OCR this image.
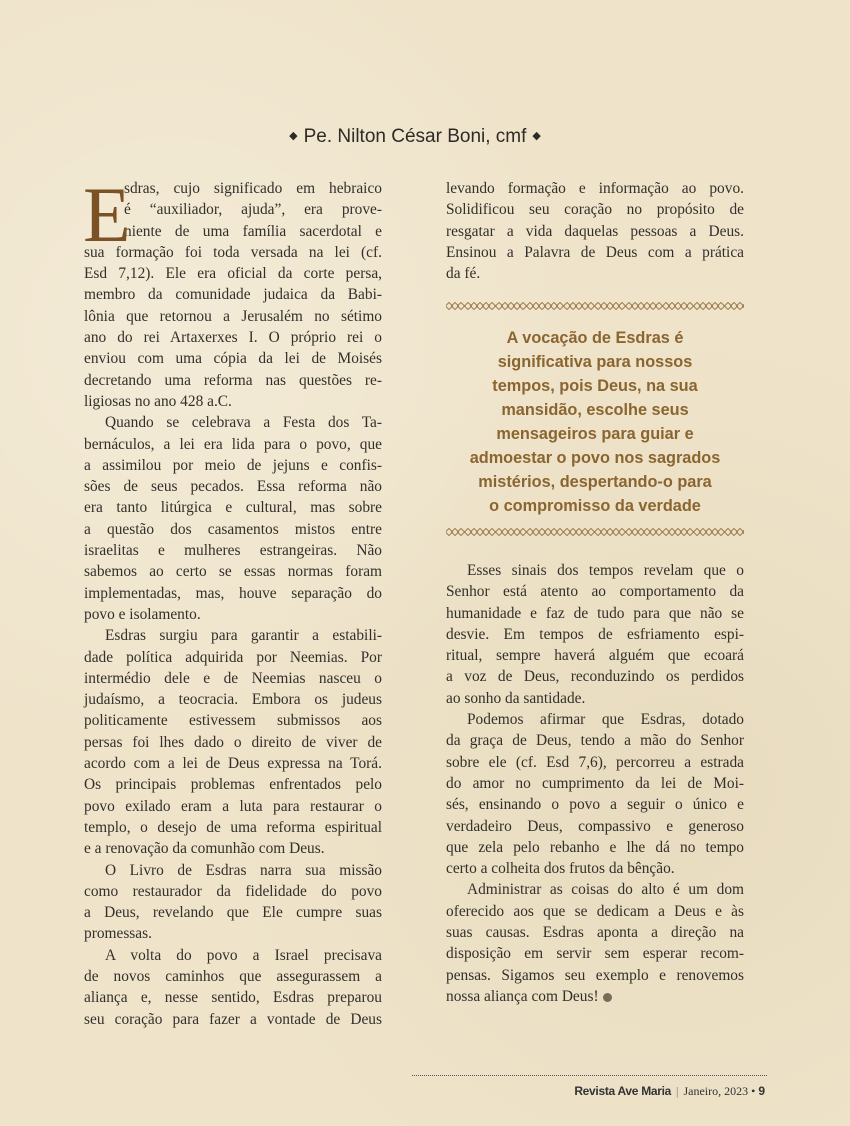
◆ Pe. Nilton César Boni, cmf ◆
E
sdras, cujo significado em hebraico
é “auxiliador, ajuda”, era prove-
niente de uma família sacerdotal e
sua formação foi toda versada na lei (cf.
Esd 7,12). Ele era oficial da corte persa,
membro da comunidade judaica da Babi-
lônia que retornou a Jerusalém no sétimo
ano do rei Artaxerxes I. O próprio rei o
enviou com uma cópia da lei de Moisés
decretando uma reforma nas questões re-
ligiosas no ano 428 a.C.
Quando se celebrava a Festa dos Ta-
bernáculos, a lei era lida para o povo, que
a assimilou por meio de jejuns e confis-
sões de seus pecados. Essa reforma não
era tanto litúrgica e cultural, mas sobre
a questão dos casamentos mistos entre
israelitas e mulheres estrangeiras. Não
sabemos ao certo se essas normas foram
implementadas, mas, houve separação do
povo e isolamento.
Esdras surgiu para garantir a estabili-
dade política adquirida por Neemias. Por
intermédio dele e de Neemias nasceu o
judaísmo, a teocracia. Embora os judeus
politicamente estivessem submissos aos
persas foi lhes dado o direito de viver de
acordo com a lei de Deus expressa na Torá.
Os principais problemas enfrentados pelo
povo exilado eram a luta para restaurar o
templo, o desejo de uma reforma espiritual
e a renovação da comunhão com Deus.
O Livro de Esdras narra sua missão
como restaurador da fidelidade do povo
a Deus, revelando que Ele cumpre suas
promessas.
A volta do povo a Israel precisava
de novos caminhos que assegurassem a
aliança e, nesse sentido, Esdras preparou
seu coração para fazer a vontade de Deus
levando formação e informação ao povo.
Solidificou seu coração no propósito de
resgatar a vida daquelas pessoas a Deus.
Ensinou a Palavra de Deus com a prática
da fé.
A vocação de Esdras é
significativa para nossos
tempos, pois Deus, na sua
mansidão, escolhe seus
mensageiros para guiar e
admoestar o povo nos sagrados
mistérios, despertando-o para
o compromisso da verdade
Esses sinais dos tempos revelam que o
Senhor está atento ao comportamento da
humanidade e faz de tudo para que não se
desvie. Em tempos de esfriamento espi-
ritual, sempre haverá alguém que ecoará
a voz de Deus, reconduzindo os perdidos
ao sonho da santidade.
Podemos afirmar que Esdras, dotado
da graça de Deus, tendo a mão do Senhor
sobre ele (cf. Esd 7,6), percorreu a estrada
do amor no cumprimento da lei de Moi-
sés, ensinando o povo a seguir o único e
verdadeiro Deus, compassivo e generoso
que zela pelo rebanho e lhe dá no tempo
certo a colheita dos frutos da bênção.
Administrar as coisas do alto é um dom
oferecido aos que se dedicam a Deus e às
suas causas. Esdras aponta a direção na
disposição em servir sem esperar recom-
pensas. Sigamos seu exemplo e renovemos
nossa aliança com Deus!
Revista Ave Maria | Janeiro, 2023 • 9
